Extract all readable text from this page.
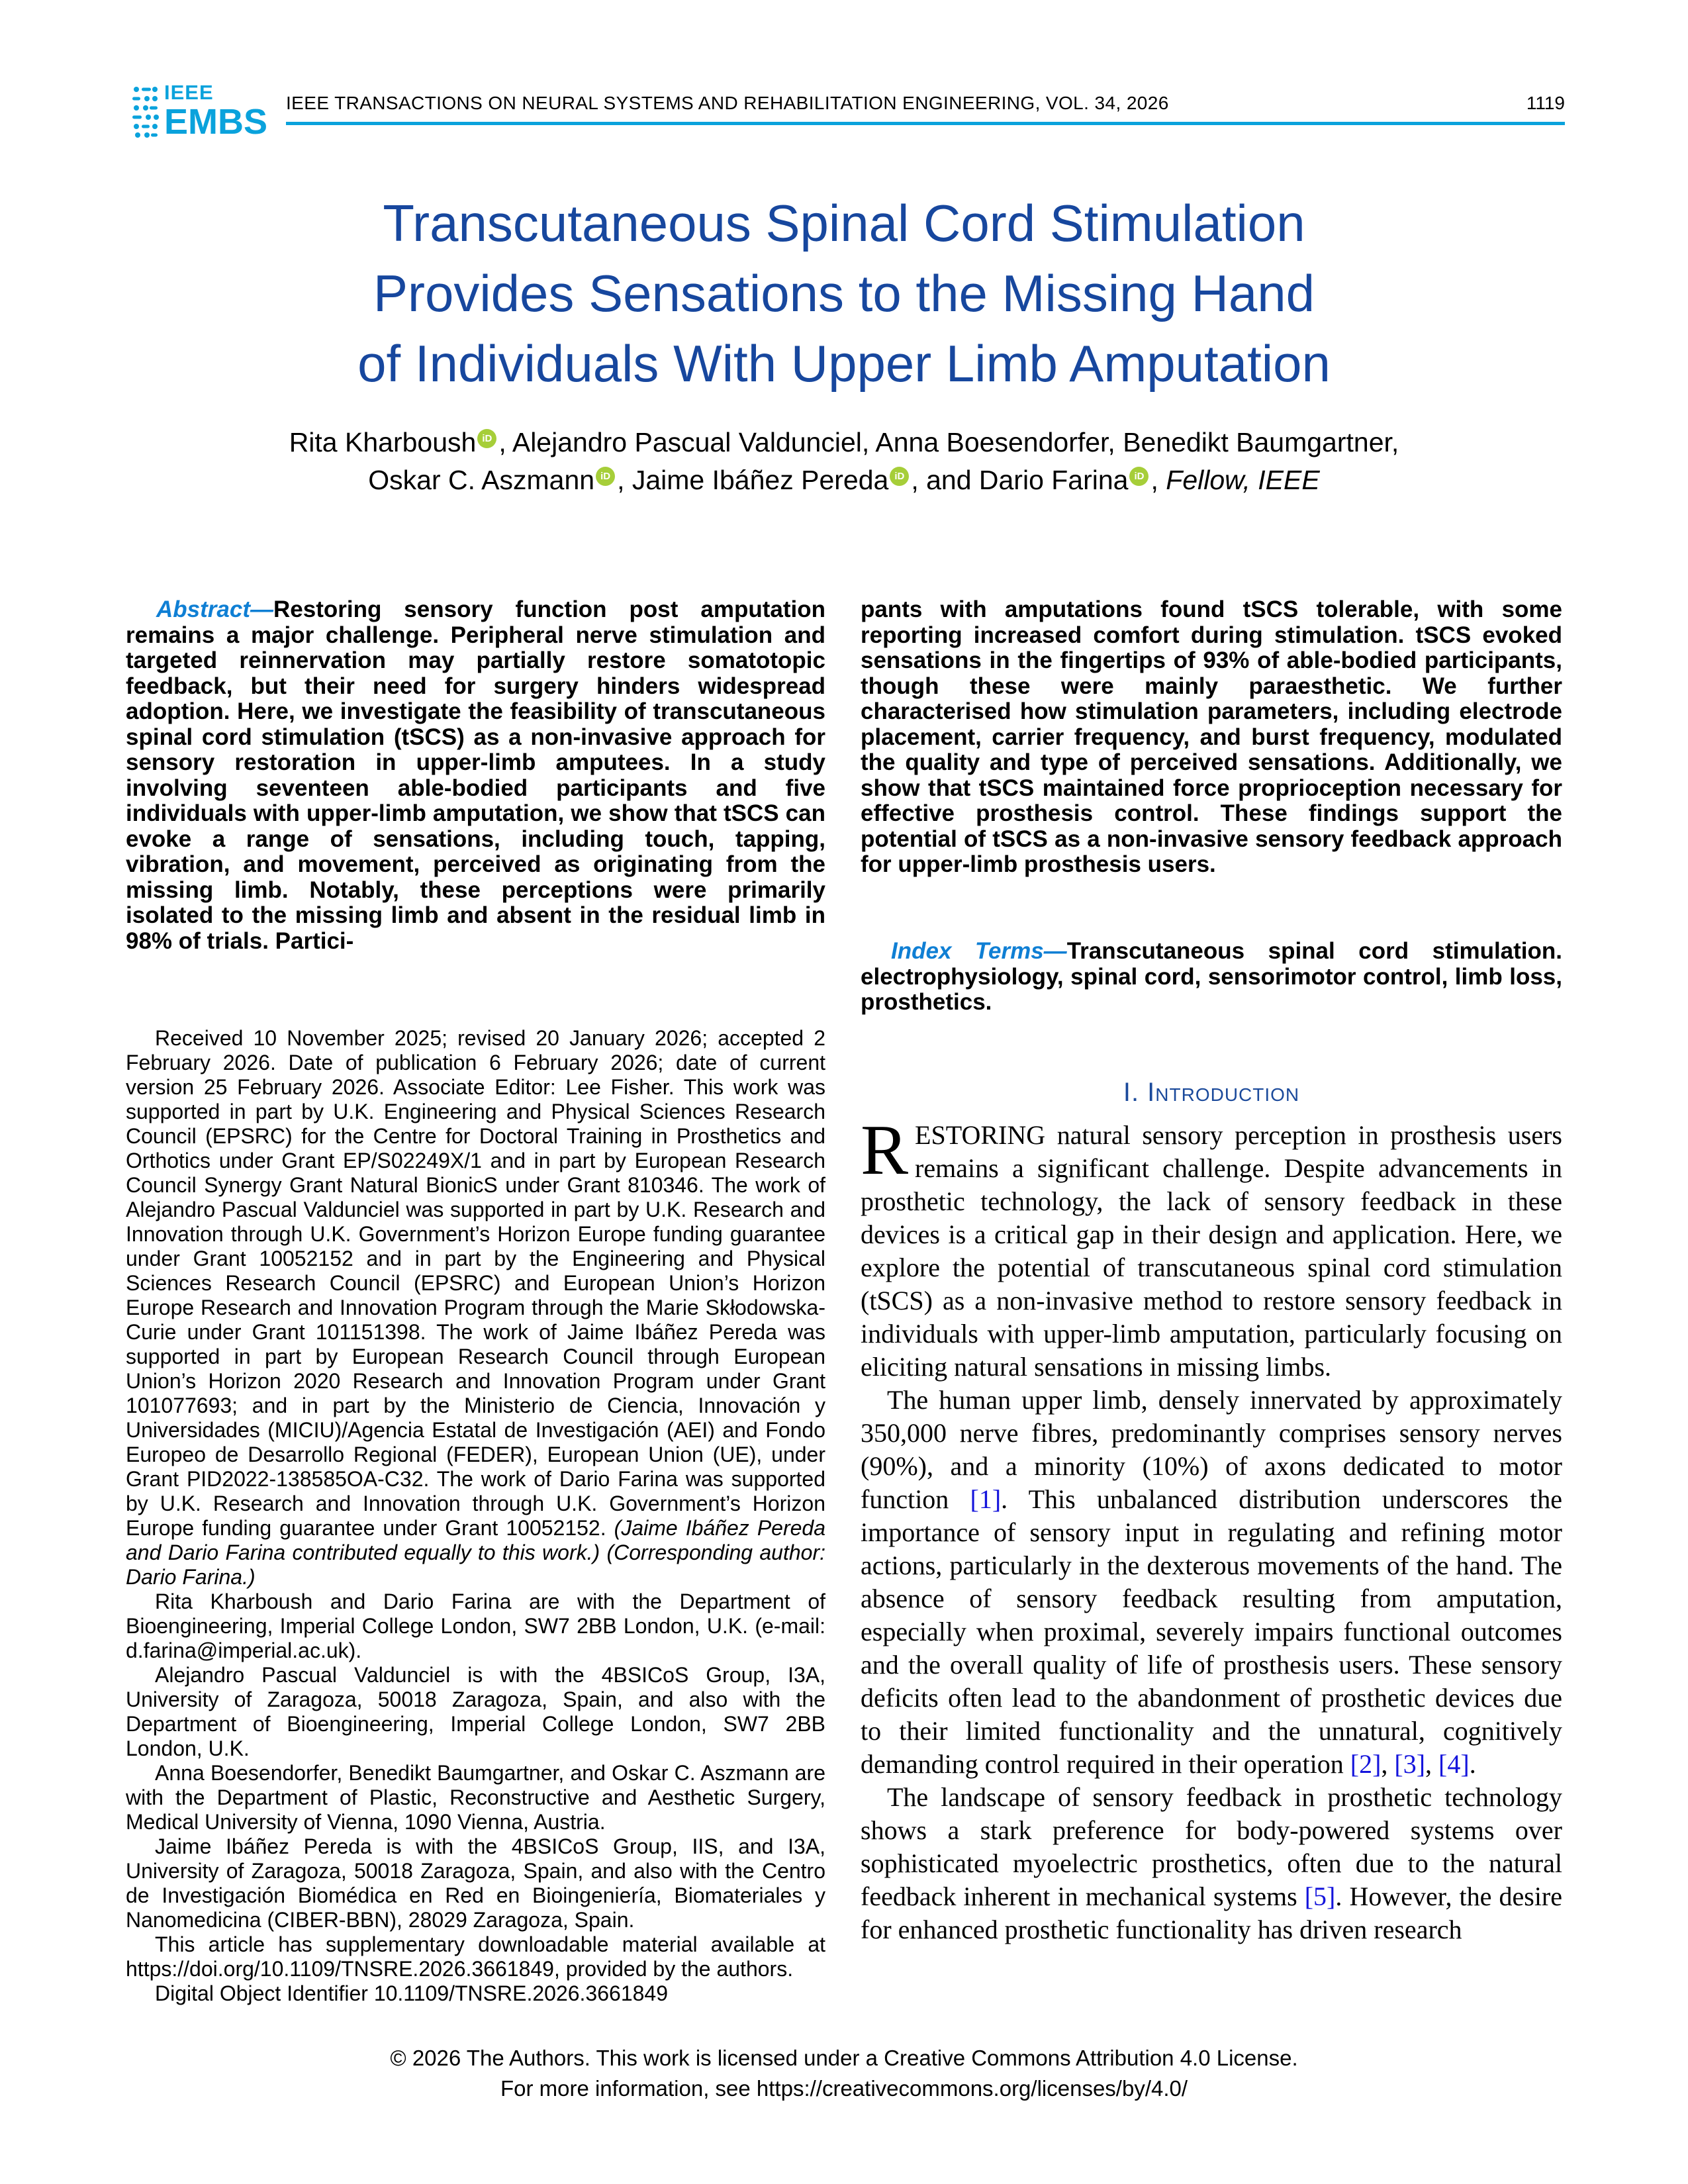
IEEE
EMBS IEEE TRANSACTIONS ON NEURAL SYSTEMS AND REHABILITATION ENGINEERING, VOL. 34, 2026	1119
Transcutaneous Spinal Cord Stimulation
Provides Sensations to the Missing Hand
of Individuals With Upper Limb Amputation
Rita Kharboush iD , Alejandro Pascual Valdunciel, Anna Boesendorfer, Benedikt Baumgartner,
Oskar C. Aszmann iD , Jaime Ibáñez Pereda iD , and Dario Farina iD , Fellow, IEEE
Abstract—Restoring sensory function post amputation remains a major challenge. Peripheral nerve stimulation and targeted reinnervation may partially restore somatotopic feedback, but their need for surgery hinders widespread adoption. Here, we investigate the feasibility of transcutaneous spinal cord stimulation (tSCS) as a non-invasive approach for sensory restoration in upper-limb amputees. In a study involving seventeen able-bodied participants and five individuals with upper-limb amputation, we show that tSCS can evoke a range of sensations, including touch, tapping, vibration, and movement, perceived as originating from the missing limb. Notably, these perceptions were primarily isolated to the missing limb and absent in the residual limb in 98% of trials. Partici-

Received 10 November 2025; revised 20 January 2026; accepted 2 February 2026. Date of publication 6 February 2026; date of current version 25 February 2026. Associate Editor: Lee Fisher. This work was supported in part by U.K. Engineering and Physical Sciences Research Council (EPSRC) for the Centre for Doctoral Training in Prosthetics and Orthotics under Grant EP/S02249X/1 and in part by European Research Council Synergy Grant Natural BionicS under Grant 810346. The work of Alejandro Pascual Valdunciel was supported in part by U.K. Research and Innovation through U.K. Government’s Horizon Europe funding guarantee under Grant 10052152 and in part by the Engineering and Physical Sciences Research Council (EPSRC) and European Union’s Horizon Europe Research and Innovation Program through the Marie Skłodowska-Curie under Grant 101151398. The work of Jaime Ibáñez Pereda was supported in part by European Research Council through European Union’s Horizon 2020 Research and Innovation Program under Grant 101077693; and in part by the Ministerio de Ciencia, Innovación y Universidades (MICIU)/Agencia Estatal de Investigación (AEI) and Fondo Europeo de Desarrollo Regional (FEDER), European Union (UE), under Grant PID2022-138585OA-C32. The work of Dario Farina was supported by U.K. Research and Innovation through U.K. Government’s Horizon Europe funding guarantee under Grant 10052152. (Jaime Ibáñez Pereda and Dario Farina contributed equally to this work.) (Corresponding author: Dario Farina.)

Rita Kharboush and Dario Farina are with the Department of Bioengineering, Imperial College London, SW7 2BB London, U.K. (e-mail: d.farina@imperial.ac.uk).

Alejandro Pascual Valdunciel is with the 4BSICoS Group, I3A, University of Zaragoza, 50018 Zaragoza, Spain, and also with the Department of Bioengineering, Imperial College London, SW7 2BB London, U.K.

Anna Boesendorfer, Benedikt Baumgartner, and Oskar C. Aszmann are with the Department of Plastic, Reconstructive and Aesthetic Surgery, Medical University of Vienna, 1090 Vienna, Austria.

Jaime Ibáñez Pereda is with the 4BSICoS Group, IIS, and I3A, University of Zaragoza, 50018 Zaragoza, Spain, and also with the Centro de Investigación Biomédica en Red en Bioingeniería, Biomateriales y Nanomedicina (CIBER-BBN), 28029 Zaragoza, Spain.

This article has supplementary downloadable material available at https://doi.org/10.1109/TNSRE.2026.3661849, provided by the authors.

Digital Object Identifier 10.1109/TNSRE.2026.3661849

pants with amputations found tSCS tolerable, with some reporting increased comfort during stimulation. tSCS evoked sensations in the fingertips of 93% of able-bodied participants, though these were mainly paraesthetic. We further characterised how stimulation parameters, including electrode placement, carrier frequency, and burst frequency, modulated the quality and type of perceived sensations. Additionally, we show that tSCS maintained force proprioception necessary for effective prosthesis control. These findings support the potential of tSCS as a non-invasive sensory feedback approach for upper-limb prosthesis users.
Index Terms—Transcutaneous spinal cord stimulation. electrophysiology, spinal cord, sensorimotor control, limb loss, prosthetics.
I. Introduction

RESTORING natural sensory perception in prosthesis users remains a significant challenge. Despite advancements in prosthetic technology, the lack of sensory feedback in these devices is a critical gap in their design and application. Here, we explore the potential of transcutaneous spinal cord stimulation (tSCS) as a non-invasive method to restore sensory feedback in individuals with upper-limb amputation, particularly focusing on eliciting natural sensations in missing limbs.

The human upper limb, densely innervated by approximately 350,000 nerve fibres, predominantly comprises sensory nerves (90%), and a minority (10%) of axons dedicated to motor function [1]. This unbalanced distribution underscores the importance of sensory input in regulating and refining motor actions, particularly in the dexterous movements of the hand. The absence of sensory feedback resulting from amputation, especially when proximal, severely impairs functional outcomes and the overall quality of life of prosthesis users. These sensory deficits often lead to the abandonment of prosthetic devices due to their limited functionality and the unnatural, cognitively demanding control required in their operation [2], [3], [4].

The landscape of sensory feedback in prosthetic technology shows a stark preference for body-powered systems over sophisticated myoelectric prosthetics, often due to the natural feedback inherent in mechanical systems [5]. However, the desire for enhanced prosthetic functionality has driven research

© 2026 The Authors. This work is licensed under a Creative Commons Attribution 4.0 License.
For more information, see https://creativecommons.org/licenses/by/4.0/
